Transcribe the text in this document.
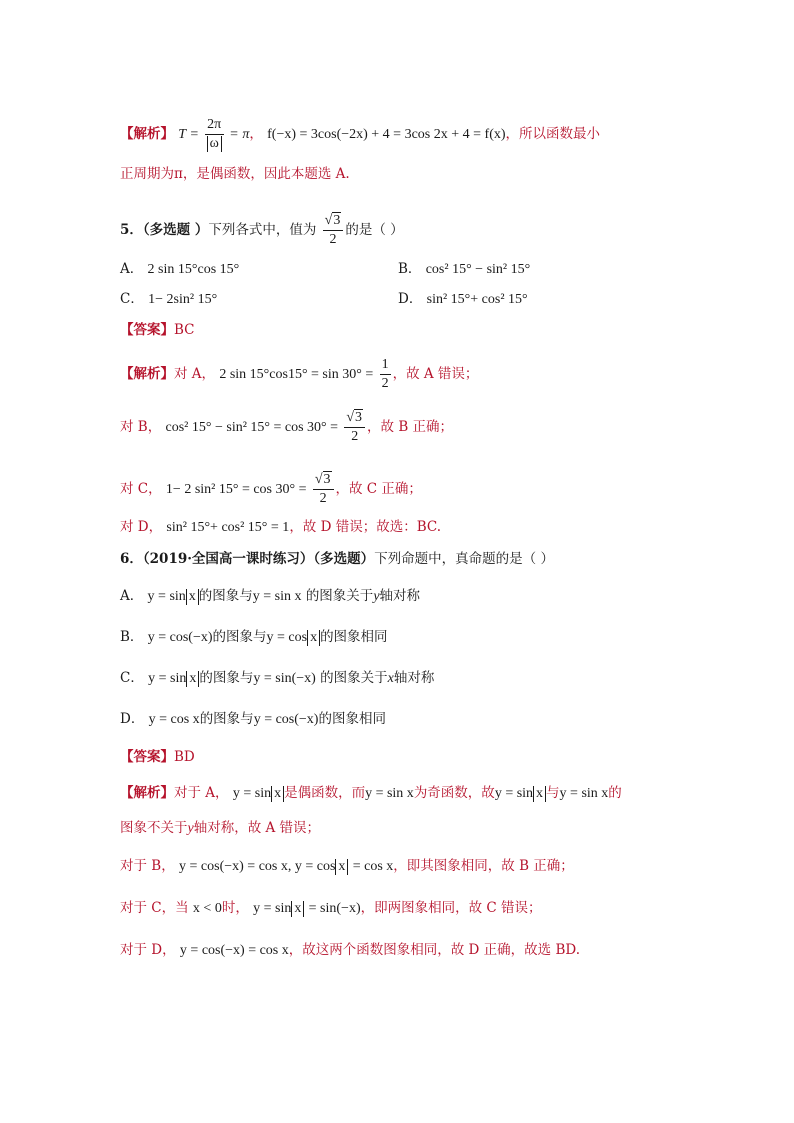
【解析】 $T = \frac{2\pi}{\omega} = \pi$， f(−x) = 3cos(−2x) + 4 = 3cos 2x + 4 = f(x)，所以函数最小
正周期为π，是偶函数，因此本题选 A.
5．（多选题 ）下列各式中，值为 $\frac{√3}{2}$ 的是（ ）
A． 2 sin 15°cos 15°	B． cos² 15° − sin² 15°
C． 1− 2sin² 15°	D． sin² 15°+ cos² 15°
【答案】BC
【解析】对 A， 2 $\sin 15^\circ\cos 15^\circ = \sin 30^\circ = \frac{1}{2}$ ，故 A 错误；
对 B， cos² 15° − sin² $15^\circ = \cos 30^\circ = \frac{√3}{2}$ ，故 B 正确；
对 C， 1− 2 sin² $15^\circ = \cos 30^\circ = \frac{√3}{2}$ ，故 C 正确；
对 D， sin² 15°+ cos² 15° = 1，故 D 错误；故选：BC.
6．（2019·全国高一课时练习）（多选题）下列命题中，真命题的是（ ）
A． y = sin x 的图象与y = sin x 的图象关于y轴对称
B． y = cos(−x)的图象与y = cos x 的图象相同
C． y = sin x 的图象与y = sin(−x) 的图象关于x轴对称
D． y = cos x的图象与y = cos(−x)的图象相同
【答案】BD
【解析】对于 A， y = sin x 是偶函数，而y = sin x为奇函数，故y = sin x 与y = sin x的
图象不关于y轴对称，故 A 错误；
对于 B， y = cos(−x) = cos x, y = cos x = cos x，即其图象相同，故 B 正确；
对于 C，当 x < 0时， y = sin x = sin(−x)，即两图象相同，故 C 错误；
对于 D， y = cos(−x) = cos x，故这两个函数图象相同，故 D 正确，故选 BD.
